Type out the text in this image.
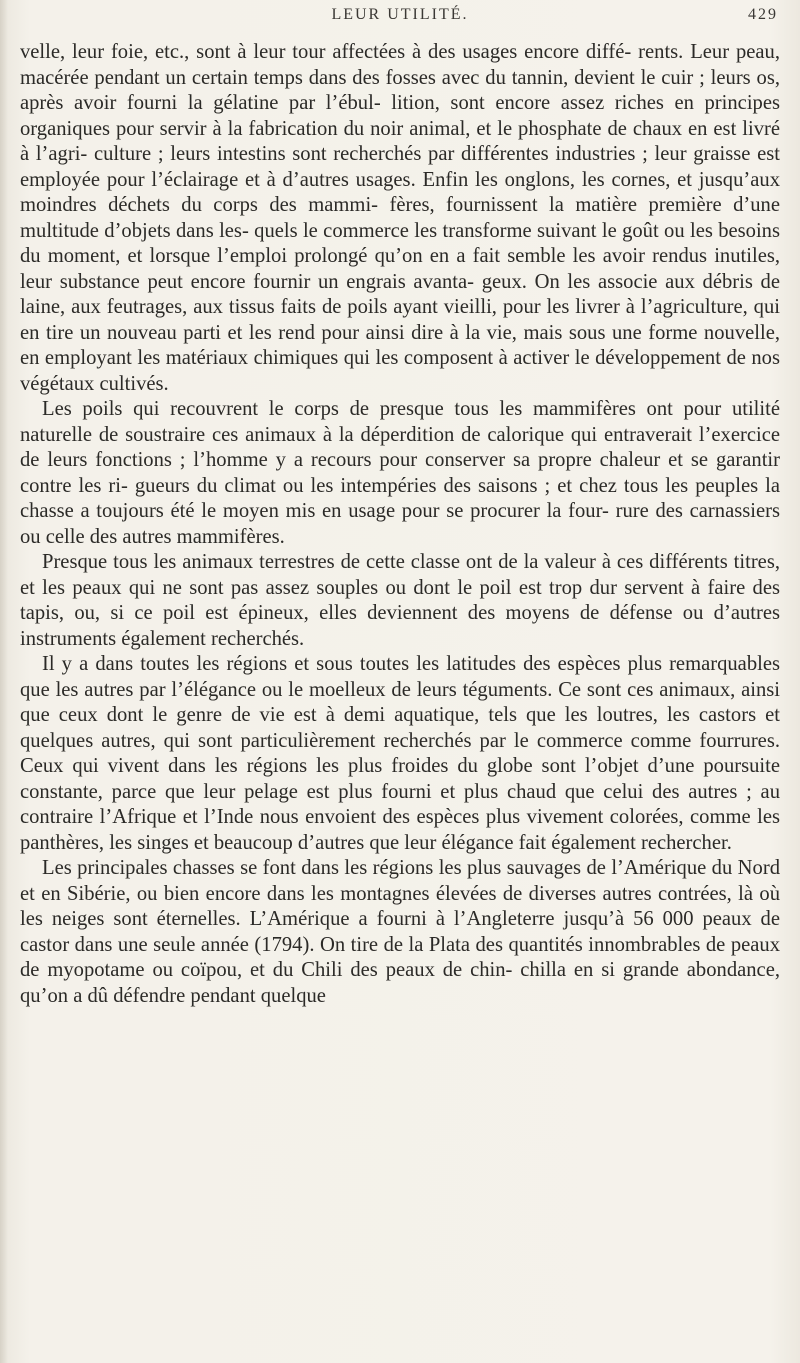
LEUR UTILITÉ.	429

velle, leur foie, etc., sont à leur tour affectées à des usages encore diffé- rents. Leur peau, macérée pendant un certain temps dans des fosses avec du tannin, devient le cuir ; leurs os, après avoir fourni la gélatine par l’ébul- lition, sont encore assez riches en principes organiques pour servir à la fabrication du noir animal, et le phosphate de chaux en est livré à l’agri- culture ; leurs intestins sont recherchés par différentes industries ; leur graisse est employée pour l’éclairage et à d’autres usages. Enfin les onglons, les cornes, et jusqu’aux moindres déchets du corps des mammi- fères, fournissent la matière première d’une multitude d’objets dans les- quels le commerce les transforme suivant le goût ou les besoins du moment, et lorsque l’emploi prolongé qu’on en a fait semble les avoir rendus inutiles, leur substance peut encore fournir un engrais avanta- geux. On les associe aux débris de laine, aux feutrages, aux tissus faits de poils ayant vieilli, pour les livrer à l’agriculture, qui en tire un nouveau parti et les rend pour ainsi dire à la vie, mais sous une forme nouvelle, en employant les matériaux chimiques qui les composent à activer le développement de nos végétaux cultivés.

Les poils qui recouvrent le corps de presque tous les mammifères ont pour utilité naturelle de soustraire ces animaux à la déperdition de calorique qui entraverait l’exercice de leurs fonctions ; l’homme y a recours pour conserver sa propre chaleur et se garantir contre les ri- gueurs du climat ou les intempéries des saisons ; et chez tous les peuples la chasse a toujours été le moyen mis en usage pour se procurer la four- rure des carnassiers ou celle des autres mammifères.

Presque tous les animaux terrestres de cette classe ont de la valeur à ces différents titres, et les peaux qui ne sont pas assez souples ou dont le poil est trop dur servent à faire des tapis, ou, si ce poil est épineux, elles deviennent des moyens de défense ou d’autres instruments également recherchés.

Il y a dans toutes les régions et sous toutes les latitudes des espèces plus remarquables que les autres par l’élégance ou le moelleux de leurs téguments. Ce sont ces animaux, ainsi que ceux dont le genre de vie est à demi aquatique, tels que les loutres, les castors et quelques autres, qui sont particulièrement recherchés par le commerce comme fourrures. Ceux qui vivent dans les régions les plus froides du globe sont l’objet d’une poursuite constante, parce que leur pelage est plus fourni et plus chaud que celui des autres ; au contraire l’Afrique et l’Inde nous envoient des espèces plus vivement colorées, comme les panthères, les singes et beaucoup d’autres que leur élégance fait également rechercher.

Les principales chasses se font dans les régions les plus sauvages de l’Amérique du Nord et en Sibérie, ou bien encore dans les montagnes élevées de diverses autres contrées, là où les neiges sont éternelles. L’Amérique a fourni à l’Angleterre jusqu’à 56 000 peaux de castor dans une seule année (1794). On tire de la Plata des quantités innombrables de peaux de myopotame ou coïpou, et du Chili des peaux de chin- chilla en si grande abondance, qu’on a dû défendre pendant quelque
